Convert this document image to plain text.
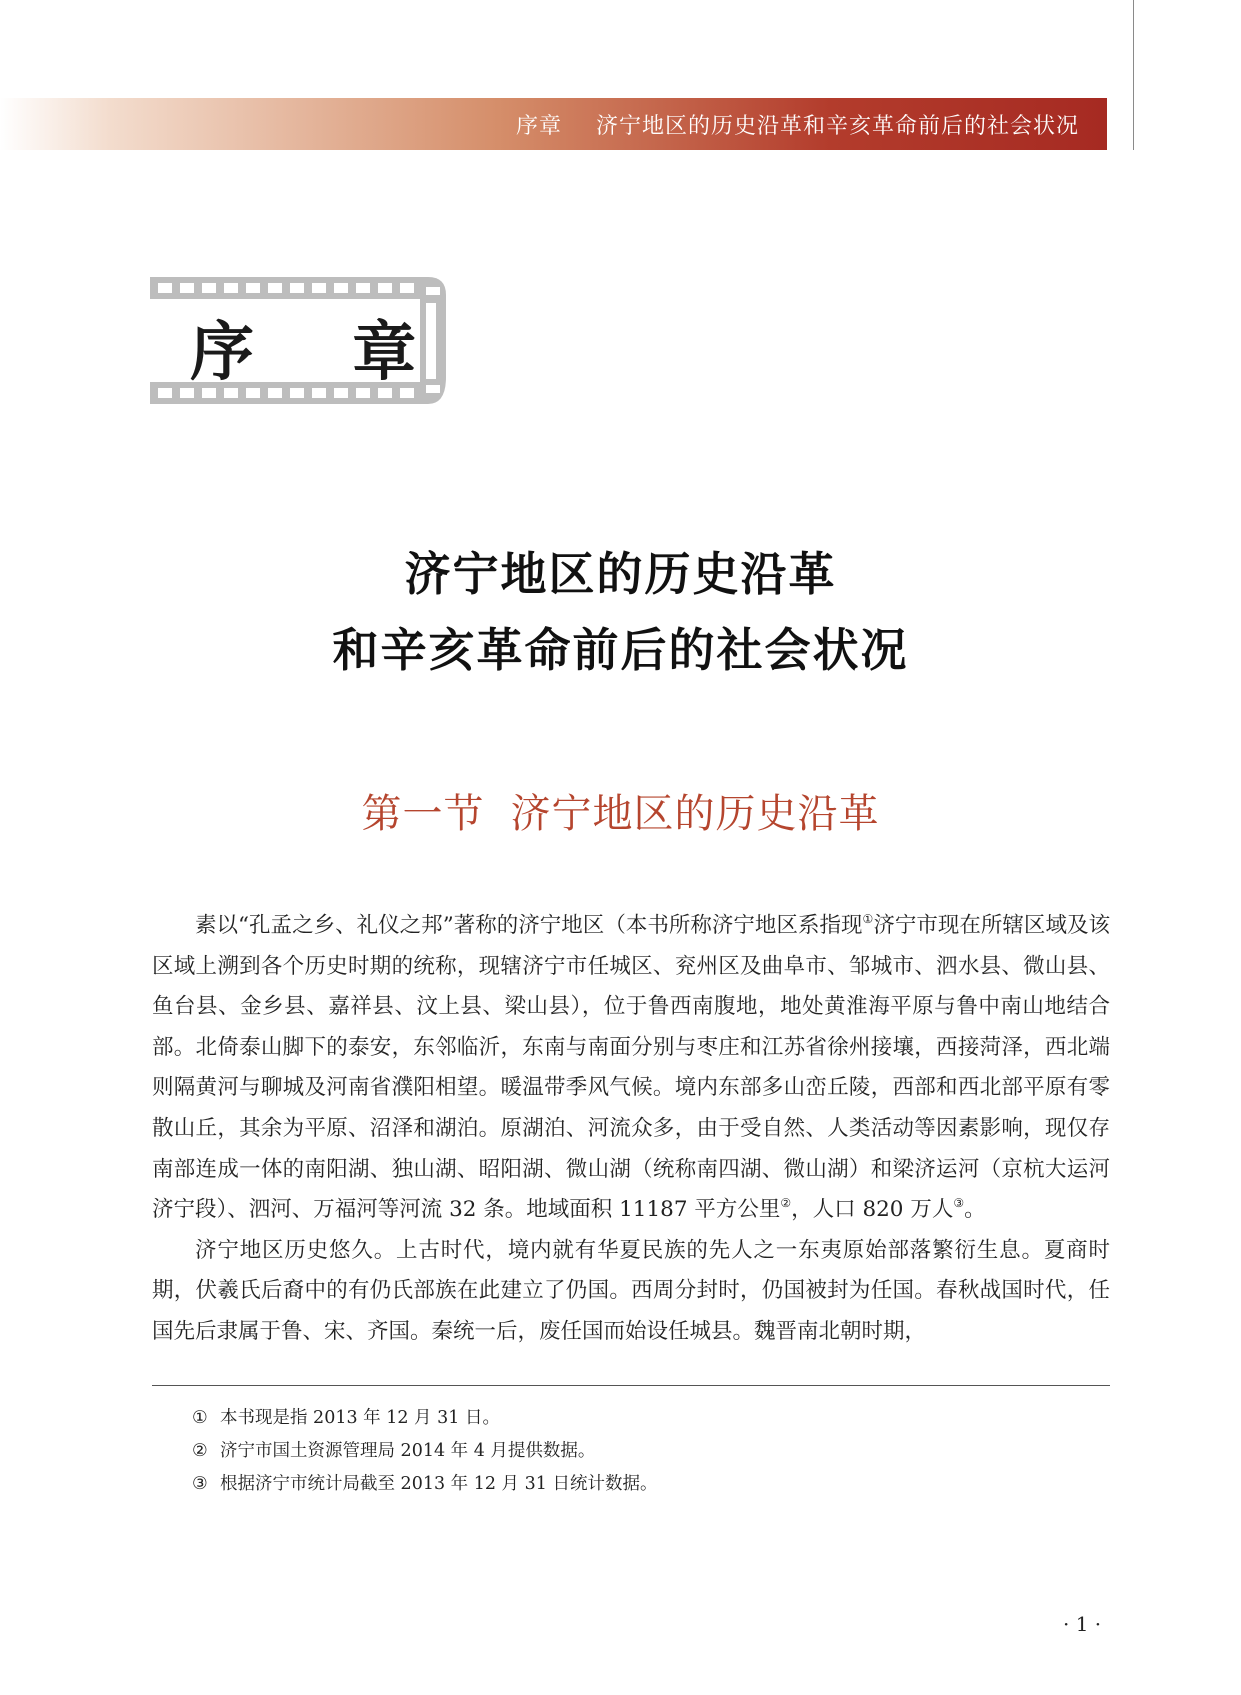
序章 济宁地区的历史沿革和辛亥革命前后的社会状况
序 章
济宁地区的历史沿革
和辛亥革命前后的社会状况
第一节 济宁地区的历史沿革

素以“孔孟之乡、礼仪之邦”著称的济宁地区（本书所称济宁地区系指现①济宁市现在所辖区域及该区域上溯到各个历史时期的统称，现辖济宁市任城区、兖州区及曲阜市、邹城市、泗水县、微山县、鱼台县、金乡县、嘉祥县、汶上县、梁山县），位于鲁西南腹地，地处黄淮海平原与鲁中南山地结合部。北倚泰山脚下的泰安，东邻临沂，东南与南面分别与枣庄和江苏省徐州接壤，西接菏泽，西北端则隔黄河与聊城及河南省濮阳相望。暖温带季风气候。境内东部多山峦丘陵，西部和西北部平原有零散山丘，其余为平原、沼泽和湖泊。原湖泊、河流众多，由于受自然、人类活动等因素影响，现仅存南部连成一体的南阳湖、独山湖、昭阳湖、微山湖（统称南四湖、微山湖）和梁济运河（京杭大运河济宁段）、泗河、万福河等河流 32 条。地域面积 11187 平方公里②，人口 820 万人③。

济宁地区历史悠久。上古时代，境内就有华夏民族的先人之一东夷原始部落繁衍生息。夏商时期，伏羲氏后裔中的有仍氏部族在此建立了仍国。西周分封时，仍国被封为任国。春秋战国时代，任国先后隶属于鲁、宋、齐国。秦统一后，废任国而始设任城县。魏晋南北朝时期，

① 本书现是指 2013 年 12 月 31 日。
② 济宁市国土资源管理局 2014 年 4 月提供数据。
③ 根据济宁市统计局截至 2013 年 12 月 31 日统计数据。
· 1 ·
